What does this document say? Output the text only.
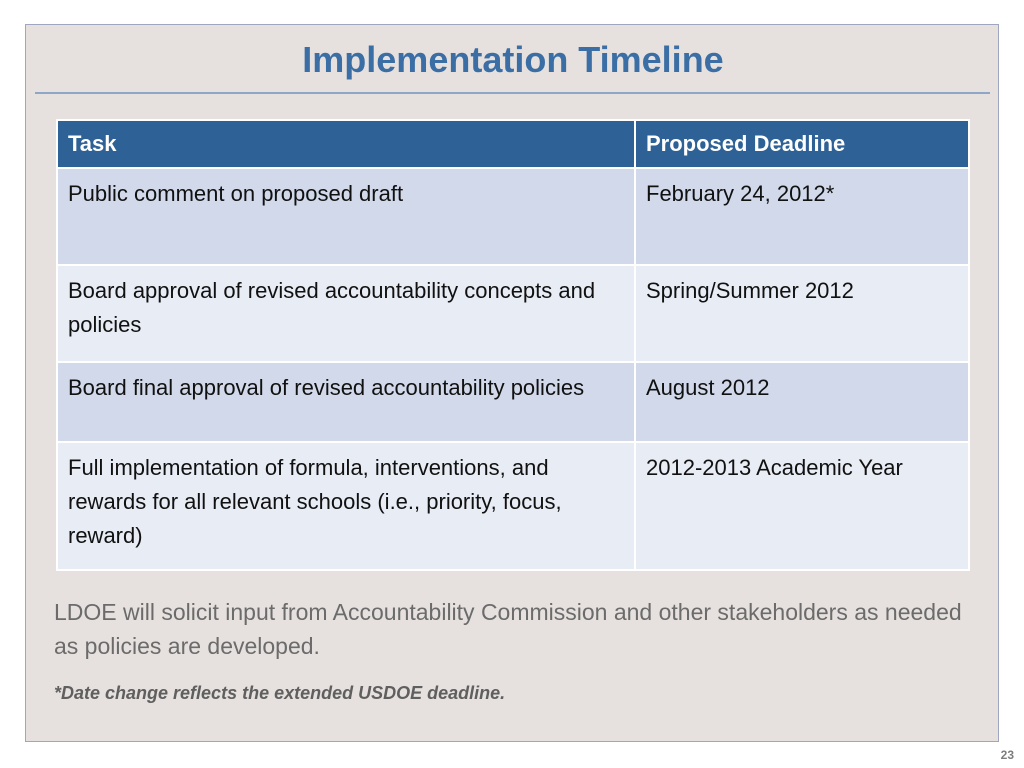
Implementation Timeline
Task	Proposed Deadline
Public comment on proposed draft	February 24, 2012*
Board approval of revised accountability concepts and policies	Spring/Summer 2012
Board final approval of revised accountability policies	August 2012
Full implementation of formula, interventions, and rewards for all relevant schools (i.e., priority, focus, reward)	2012-2013 Academic Year
LDOE will solicit input from Accountability Commission and other stakeholders as needed as policies are developed.
*Date change reflects the extended USDOE deadline.
23
